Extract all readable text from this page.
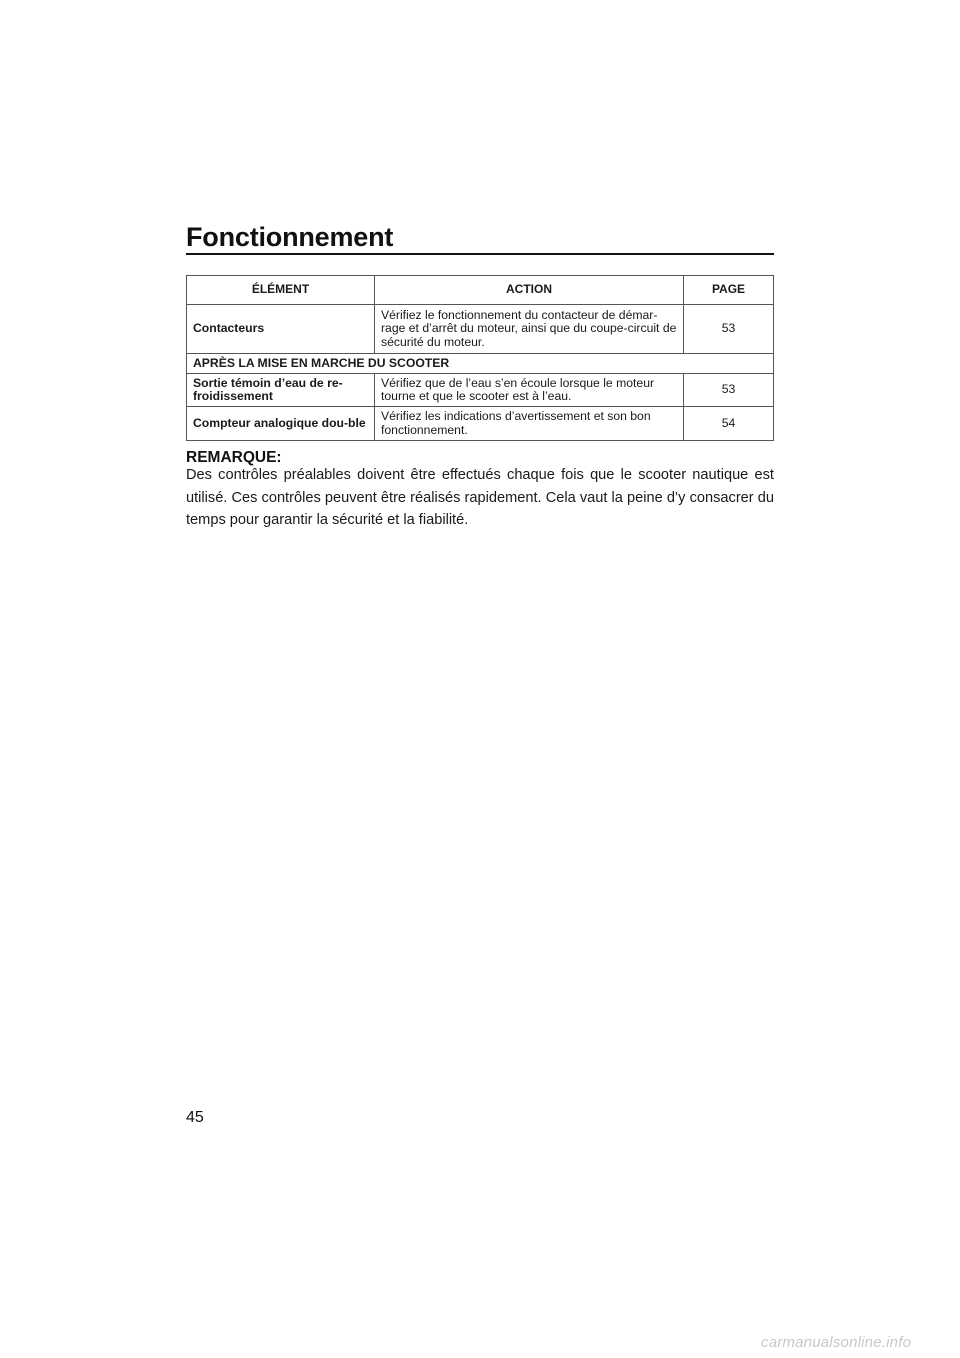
Fonctionnement
ÉLÉMENT	ACTION	PAGE
Contacteurs	Vérifiez le fonctionnement du contacteur de démar-rage et d’arrêt du moteur, ainsi que du coupe-circuit de sécurité du moteur.	53
APRÈS LA MISE EN MARCHE DU SCOOTER		
Sortie témoin d’eau de re-froidissement	Vérifiez que de l’eau s’en écoule lorsque le moteur tourne et que le scooter est à l’eau.	53
Compteur analogique dou-ble	Vérifiez les indications d’avertissement et son bon fonctionnement.	54
REMARQUE:
Des contrôles préalables doivent être effectués chaque fois que le scooter nautique est utilisé. Ces contrôles peuvent être réalisés rapidement. Cela vaut la peine d’y consacrer du temps pour garantir la sécurité et la fiabilité.
45
carmanualsonline.info
